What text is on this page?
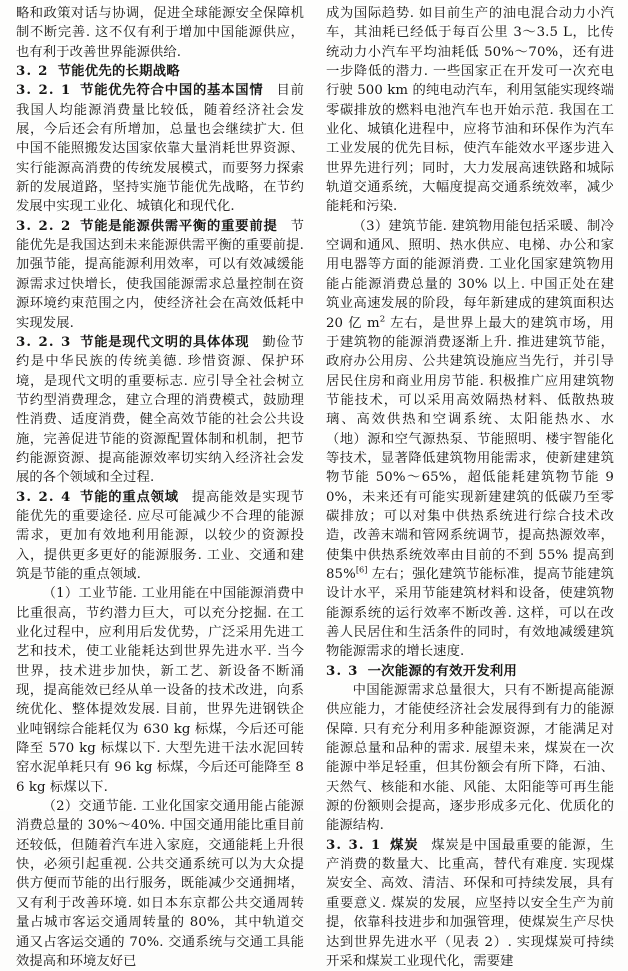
略和政策对话与协调，促进全球能源安全保障机制不断完善. 这不仅有利于增加中国能源供应，也有利于改善世界能源供给.

3. 2 节能优先的长期战略

3. 2. 1 节能优先符合中国的基本国情 目前我国人均能源消费量比较低，随着经济社会发展，今后还会有所增加，总量也会继续扩大. 但中国不能照搬发达国家依靠大量消耗世界资源、实行能源高消费的传统发展模式，而要努力探索新的发展道路，坚持实施节能优先战略，在节约发展中实现工业化、城镇化和现代化.

3. 2. 2 节能是能源供需平衡的重要前提 节能优先是我国达到未来能源供需平衡的重要前提. 加强节能，提高能源利用效率，可以有效减缓能源需求过快增长，使我国能源需求总量控制在资源环境约束范围之内，使经济社会在高效低耗中实现发展.

3. 2. 3 节能是现代文明的具体体现 勤俭节约是中华民族的传统美德. 珍惜资源、保护环境，是现代文明的重要标志. 应引导全社会树立节约型消费理念，建立合理的消费模式，鼓励理性消费、适度消费，健全高效节能的社会公共设施，完善促进节能的资源配置体制和机制，把节约能源资源、提高能源效率切实纳入经济社会发展的各个领域和全过程.

3. 2. 4 节能的重点领域 提高能效是实现节能优先的重要途径. 应尽可能减少不合理的能源需求，更加有效地利用能源，以较少的资源投入，提供更多更好的能源服务. 工业、交通和建筑是节能的重点领域.

（1）工业节能. 工业用能在中国能源消费中比重很高，节约潜力巨大，可以充分挖掘. 在工业化过程中，应利用后发优势，广泛采用先进工艺和技术，使工业能耗达到世界先进水平. 当今世界，技术进步加快，新工艺、新设备不断涌现，提高能效已经从单一设备的技术改进，向系统优化、整体提效发展. 目前，世界先进钢铁企业吨钢综合能耗仅为 630 kg 标煤，今后还可能降至 570 kg 标煤以下. 大型先进干法水泥回转窑水泥单耗只有 96 kg 标煤，今后还可能降至 86 kg 标煤以下.

（2）交通节能. 工业化国家交通用能占能源消费总量的 30%～40%. 中国交通用能比重目前还较低，但随着汽车进入家庭，交通能耗上升很快，必须引起重视. 公共交通系统可以为大众提供方便而节能的出行服务，既能减少交通拥堵，又有利于改善环境. 如日本东京都公共交通周转量占城市客运交通周转量的 80%，其中轨道交通又占客运交通的 70%. 交通系统与交通工具能效提高和环境友好已

成为国际趋势. 如目前生产的油电混合动力小汽车，其油耗已经低于每百公里 3～3.5 L，比传统动力小汽车平均油耗低 50%～70%，还有进一步降低的潜力. 一些国家正在开发可一次充电行驶 500 km 的纯电动汽车，利用氢能实现终端零碳排放的燃料电池汽车也开始示范. 我国在工业化、城镇化进程中，应将节油和环保作为汽车工业发展的优先目标，使汽车能效水平逐步进入世界先进行列；同时，大力发展高速铁路和城际轨道交通系统，大幅度提高交通系统效率，减少能耗和污染.

（3）建筑节能. 建筑物用能包括采暖、制冷空调和通风、照明、热水供应、电梯、办公和家用电器等方面的能源消费. 工业化国家建筑物用能占能源消费总量的 30% 以上. 中国正处在建筑业高速发展的阶段，每年新建成的建筑面积达 20 亿 $m^2$ 左右，是世界上最大的建筑市场，用于建筑物的能源消费逐渐上升. 推进建筑节能，政府办公用房、公共建筑设施应当先行，并引导居民住房和商业用房节能. 积极推广应用建筑物节能技术，可以采用高效隔热材料、低散热玻璃、高效供热和空调系统、太阳能热水、水（地）源和空气源热泵、节能照明、楼宇智能化等技术，显著降低建筑物用能需求，使新建建筑物节能 50%～65%，超低能耗建筑物节能 90%，未来还有可能实现新建建筑的低碳乃至零碳排放；可以对集中供热系统进行综合技术改造，改善末端和管网系统调节，提高热源效率，使集中供热系统效率由目前的不到 55% 提高到 85%[6] 左右；强化建筑节能标准，提高节能建筑设计水平，采用节能建筑材料和设备，使建筑物能源系统的运行效率不断改善. 这样，可以在改善人民居住和生活条件的同时，有效地减缓建筑物能源需求的增长速度.

3. 3 一次能源的有效开发利用

中国能源需求总量很大，只有不断提高能源供应能力，才能使经济社会发展得到有力的能源保障. 只有充分利用多种能源资源，才能满足对能源总量和品种的需求. 展望未来，煤炭在一次能源中举足轻重，但其份额会有所下降，石油、天然气、核能和水能、风能、太阳能等可再生能源的份额则会提高，逐步形成多元化、优质化的能源结构.

3. 3. 1 煤炭 煤炭是中国最重要的能源，生产消费的数量大、比重高，替代有难度. 实现煤炭安全、高效、清洁、环保和可持续发展，具有重要意义. 煤炭的发展，应坚持以安全生产为前提，依靠科技进步和加强管理，使煤炭生产尽快达到世界先进水平（见表 2）. 实现煤炭可持续开采和煤炭工业现代化，需要建
